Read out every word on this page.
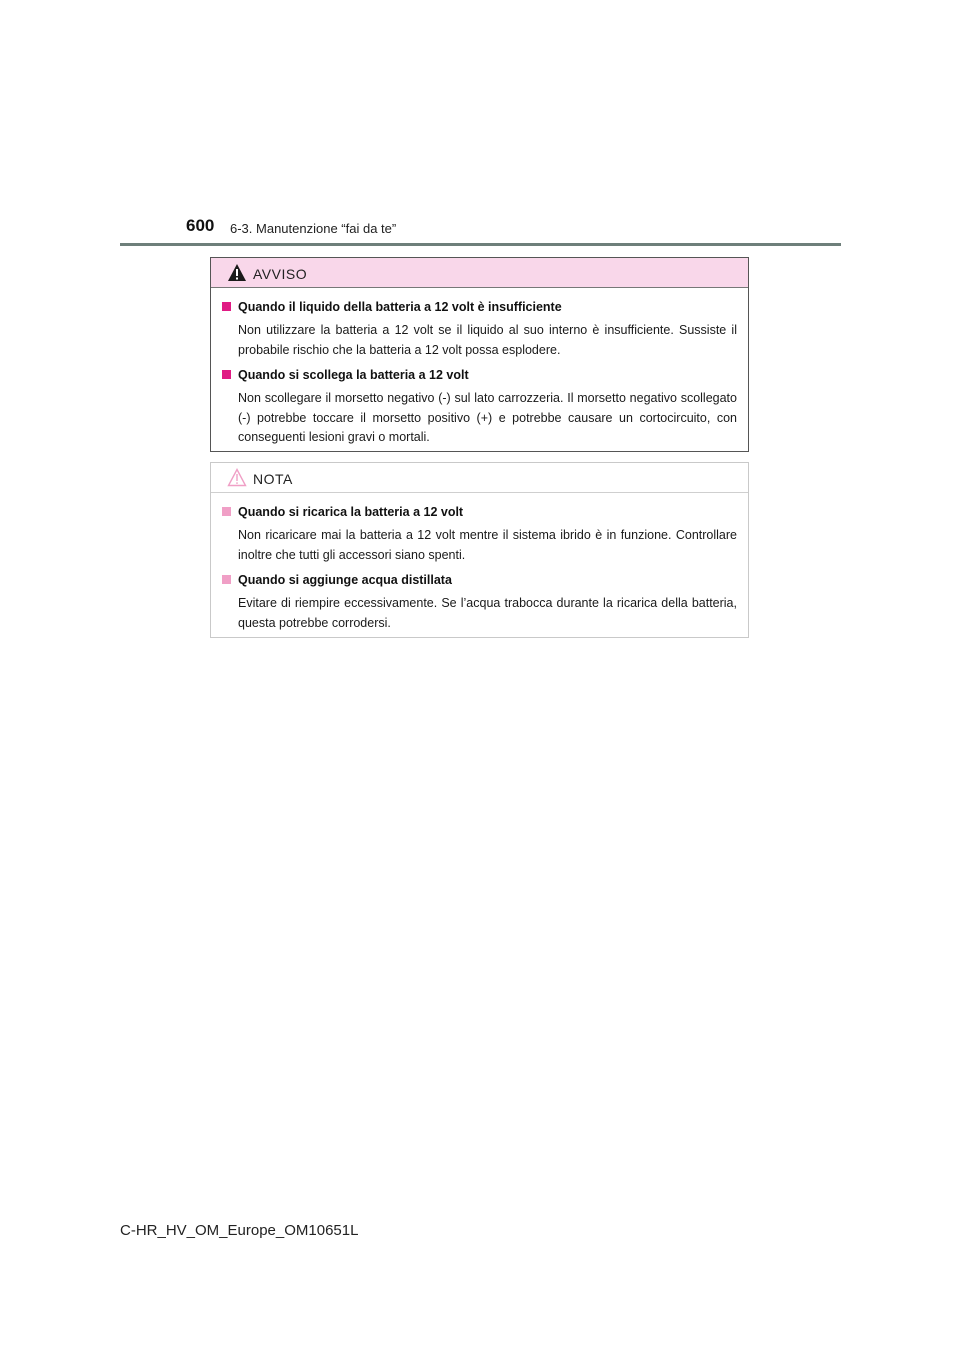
600 6-3. Manutenzione “fai da te”
AVVISO
Quando il liquido della batteria a 12 volt è insufficiente
Non utilizzare la batteria a 12 volt se il liquido al suo interno è insufficiente. Sussiste il probabile rischio che la batteria a 12 volt possa esplodere.
Quando si scollega la batteria a 12 volt
Non scollegare il morsetto negativo (-) sul lato carrozzeria. Il morsetto negativo scollegato (-) potrebbe toccare il morsetto positivo (+) e potrebbe causare un cortocircuito, con conseguenti lesioni gravi o mortali.
NOTA
Quando si ricarica la batteria a 12 volt
Non ricaricare mai la batteria a 12 volt mentre il sistema ibrido è in funzione. Controllare inoltre che tutti gli accessori siano spenti.
Quando si aggiunge acqua distillata
Evitare di riempire eccessivamente. Se l’acqua trabocca durante la ricarica della batteria, questa potrebbe corrodersi.
C-HR_HV_OM_Europe_OM10651L
